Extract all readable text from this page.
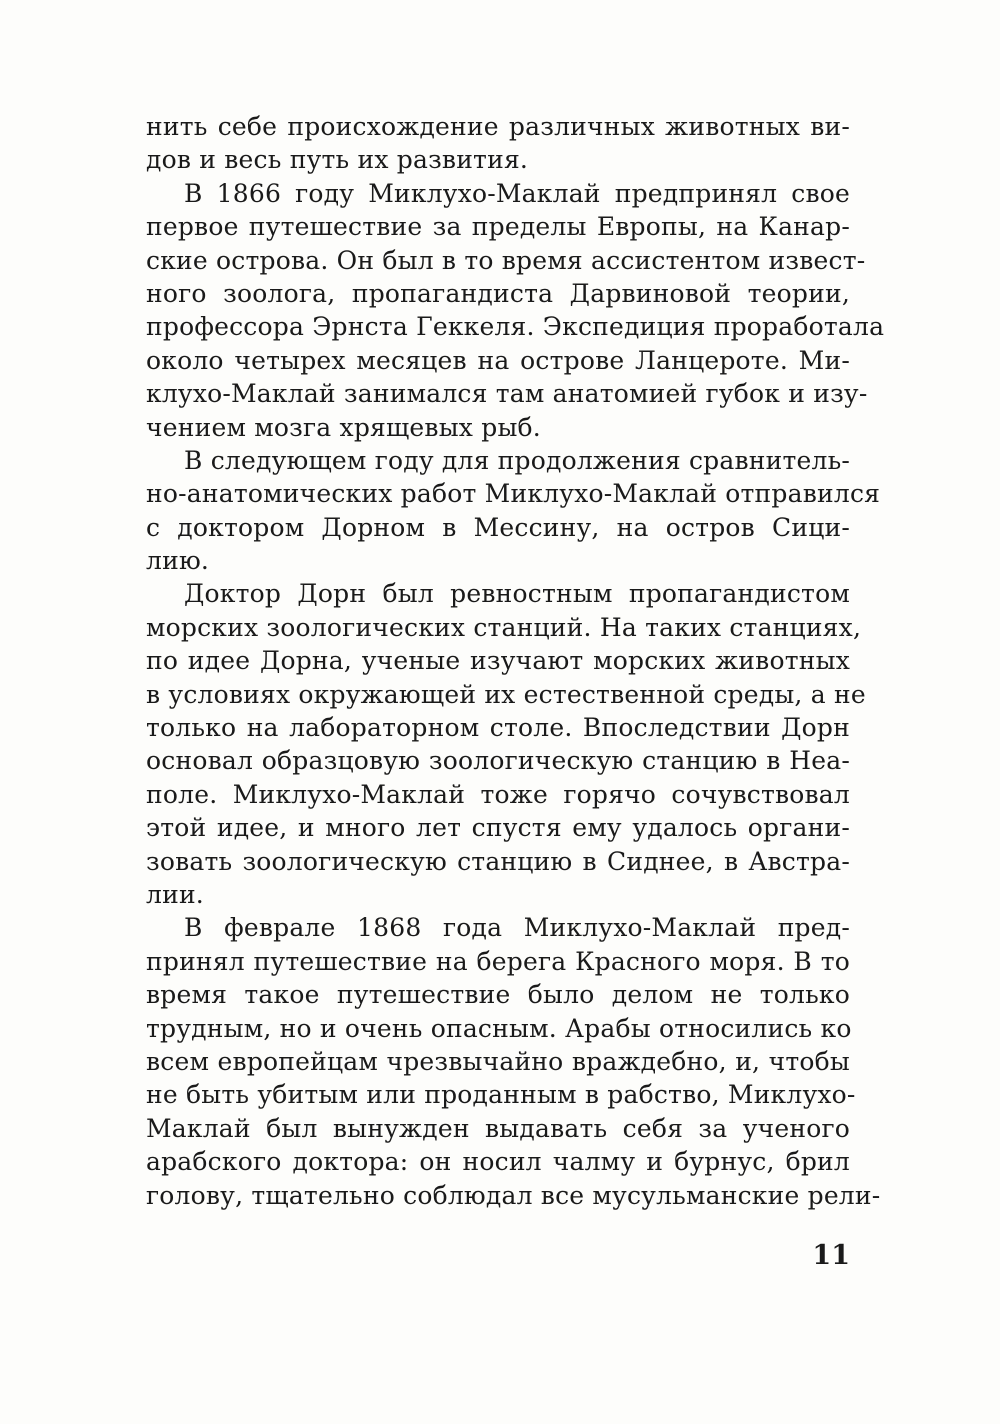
нить себе происхождение различных животных ви-
дов и весь путь их развития.
В 1866 году Миклухо-Маклай предпринял свое
первое путешествие за пределы Европы, на Канар-
ские острова. Он был в то время ассистентом извест-
ного зоолога, пропагандиста Дарвиновой теории,
профессора Эрнста Геккеля. Экспедиция проработала
около четырех месяцев на острове Ланцероте. Ми-
клухо-Маклай занимался там анатомией губок и изу-
чением мозга хрящевых рыб.
В следующем году для продолжения сравнитель-
но-анатомических работ Миклухо-Маклай отправился
с доктором Дорном в Мессину, на остров Сици-
лию.
Доктор Дорн был ревностным пропагандистом
морских зоологических станций. На таких станциях,
по идее Дорна, ученые изучают морских животных
в условиях окружающей их естественной среды, а не
только на лабораторном столе. Впоследствии Дорн
основал образцовую зоологическую станцию в Неа-
поле. Миклухо-Маклай тоже горячо сочувствовал
этой идее, и много лет спустя ему удалось органи-
зовать зоологическую станцию в Сиднее, в Австра-
лии.
В феврале 1868 года Миклухо-Маклай пред-
принял путешествие на берега Красного моря. В то
время такое путешествие было делом не только
трудным, но и очень опасным. Арабы относились ко
всем европейцам чрезвычайно враждебно, и, чтобы
не быть убитым или проданным в рабство, Миклухо-
Маклай был вынужден выдавать себя за ученого
арабского доктора: он носил чалму и бурнус, брил
голову, тщательно соблюдал все мусульманские рели-
11
